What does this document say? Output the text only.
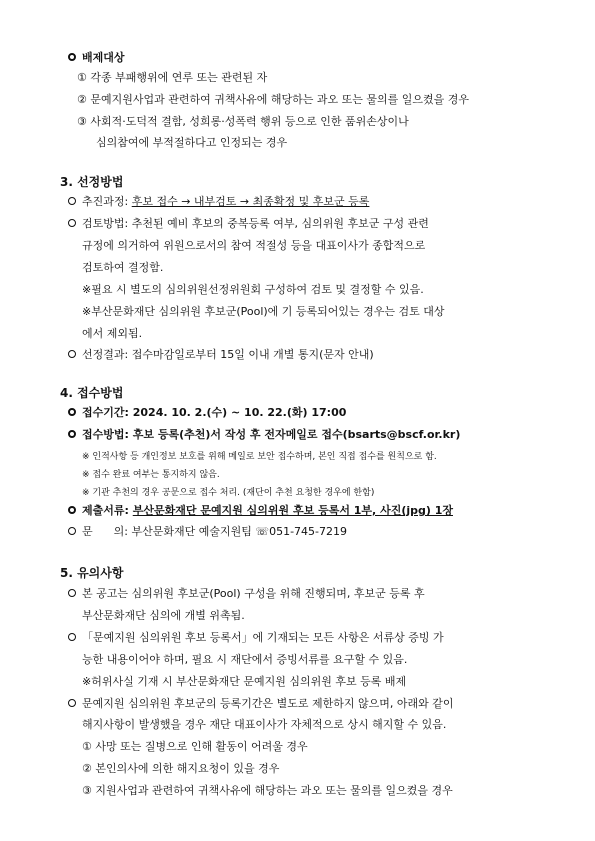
배제대상
① 각종 부패행위에 연루 또는 관련된 자
② 문예지원사업과 관련하여 귀책사유에 해당하는 과오 또는 물의를 일으켰을 경우
③ 사회적·도덕적 결함, 성희롱·성폭력 행위 등으로 인한 품위손상이나
심의참여에 부적절하다고 인정되는 경우
3. 선정방법
추진과정: 후보 접수 → 내부검토 → 최종확정 및 후보군 등록
검토방법: 추천된 예비 후보의 중복등록 여부, 심의위원 후보군 구성 관련
규정에 의거하여 위원으로서의 참여 적절성 등을 대표이사가 종합적으로
검토하여 결정함.
※필요 시 별도의 심의위원선정위원회 구성하여 검토 및 결정할 수 있음.
※부산문화재단 심의위원 후보군(Pool)에 기 등록되어있는 경우는 검토 대상
에서 제외됨.
선정결과: 접수마감일로부터 15일 이내 개별 통지(문자 안내)
4. 접수방법
접수기간: 2024. 10. 2.(수) ~ 10. 22.(화) 17:00
접수방법: 후보 등록(추천)서 작성 후 전자메일로 접수(bsarts@bscf.or.kr)
※ 인적사항 등 개인정보 보호를 위해 메일로 보안 접수하며, 본인 직접 접수를 원칙으로 함.
※ 접수 완료 여부는 통지하지 않음.
※ 기관 추천의 경우 공문으로 접수 처리. (재단이 추천 요청한 경우에 한함)
제출서류: 부산문화재단 문예지원 심의위원 후보 등록서 1부, 사진(jpg) 1장
문      의: 부산문화재단 예술지원팀 ☏051-745-7219
5. 유의사항
본 공고는 심의위원 후보군(Pool) 구성을 위해 진행되며, 후보군 등록 후
부산문화재단 심의에 개별 위촉됨.
「문예지원 심의위원 후보 등록서」에 기재되는 모든 사항은 서류상 증빙 가
능한 내용이어야 하며, 필요 시 재단에서 증빙서류를 요구할 수 있음.
※허위사실 기재 시 부산문화재단 문예지원 심의위원 후보 등록 배제
문예지원 심의위원 후보군의 등록기간은 별도로 제한하지 않으며, 아래와 같이
해지사항이 발생했을 경우 재단 대표이사가 자체적으로 상시 해지할 수 있음.
① 사망 또는 질병으로 인해 활동이 어려울 경우
② 본인의사에 의한 해지요청이 있을 경우
③ 지원사업과 관련하여 귀책사유에 해당하는 과오 또는 물의를 일으켰을 경우
